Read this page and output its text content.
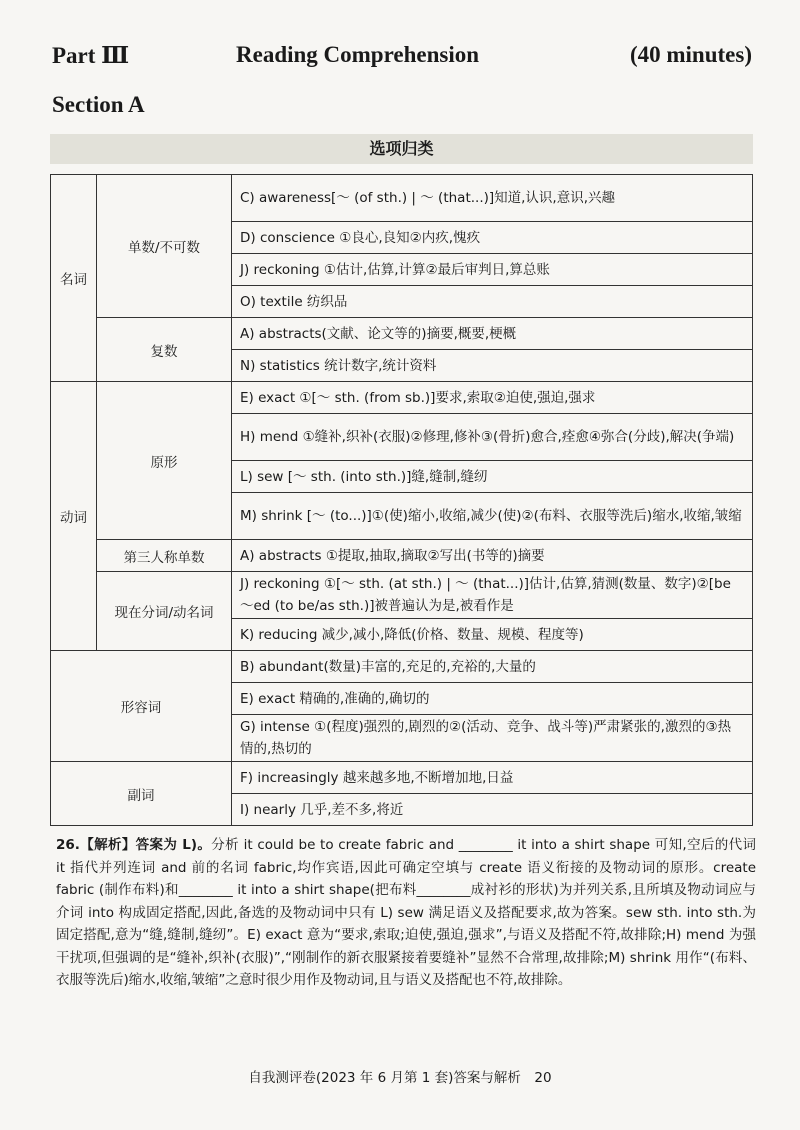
Part Ⅲ	Reading Comprehension	(40 minutes)
Section A
选项归类
名词	单数/不可数	C) awareness[～ (of sth.) | ～ (that...)]知道,认识,意识,兴趣
		D) conscience ①良心,良知②内疚,愧疚
		J) reckoning ①估计,估算,计算②最后审判日,算总账
		O) textile 纺织品
	复数	A) abstracts(文献、论文等的)摘要,概要,梗概
		N) statistics 统计数字,统计资料
动词	原形	E) exact ①[～ sth. (from sb.)]要求,索取②迫使,强迫,强求
		H) mend ①缝补,织补(衣服)②修理,修补③(骨折)愈合,痊愈④弥合(分歧),解决(争端)
		L) sew [～ sth. (into sth.)]缝,缝制,缝纫
		M) shrink [～ (to...)]①(使)缩小,收缩,减少(使)②(布料、衣服等洗后)缩水,收缩,皱缩
	第三人称单数	A) abstracts ①提取,抽取,摘取②写出(书等的)摘要
	现在分词/动名词	J) reckoning ①[～ sth. (at sth.) | ～ (that...)]估计,估算,猜测(数量、数字)②[be ～ed (to be/as sth.)]被普遍认为是,被看作是
		K) reducing 减少,减小,降低(价格、数量、规模、程度等)
形容词		B) abundant(数量)丰富的,充足的,充裕的,大量的
		E) exact 精确的,准确的,确切的
		G) intense ①(程度)强烈的,剧烈的②(活动、竞争、战斗等)严肃紧张的,激烈的③热情的,热切的
副词		F) increasingly 越来越多地,不断增加地,日益
		I) nearly 几乎,差不多,将近
26.【解析】答案为 L)。分析 it could be to create fabric and ________ it into a shirt shape 可知,空后的代词 it 指代并列连词 and 前的名词 fabric,均作宾语,因此可确定空填与 create 语义衔接的及物动词的原形。create fabric (制作布料)和________ it into a shirt shape(把布料________成衬衫的形状)为并列关系,且所填及物动词应与介词 into 构成固定搭配,因此,备选的及物动词中只有 L) sew 满足语义及搭配要求,故为答案。sew sth. into sth.为固定搭配,意为“缝,缝制,缝纫”。E) exact 意为“要求,索取;迫使,强迫,强求”,与语义及搭配不符,故排除;H) mend 为强干扰项,但强调的是“缝补,织补(衣服)”,“刚制作的新衣服紧接着要缝补”显然不合常理,故排除;M) shrink 用作“(布料、衣服等洗后)缩水,收缩,皱缩”之意时很少用作及物动词,且与语义及搭配也不符,故排除。
自我测评卷(2023 年 6 月第 1 套)答案与解析　20
